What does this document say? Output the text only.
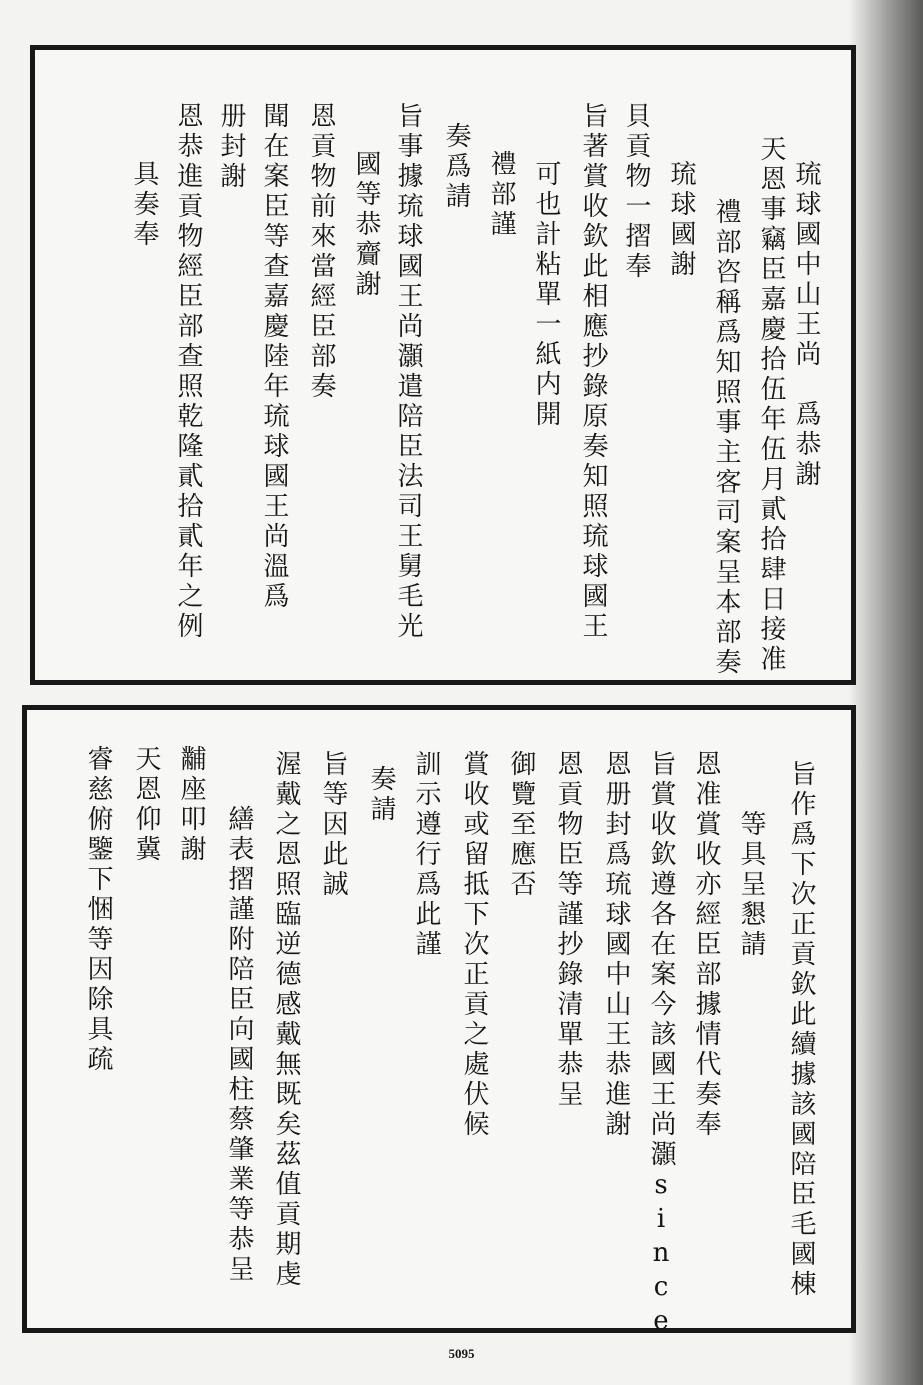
琉球國中山王尚　爲恭謝
天恩事竊臣嘉慶拾伍年伍月貳拾肆日接准
禮部咨稱爲知照事主客司案呈本部奏
琉球國謝
貝貢物一摺奉
旨著賞收欽此相應抄錄原奏知照琉球國王
可也計粘單一紙内開
禮部謹
奏爲請
旨事據琉球國王尚灝遣陪臣法司王舅毛光
國等恭齎謝
恩貢物前來當經臣部奏
聞在案臣等查嘉慶陸年琉球國王尚溫爲
册封謝
恩恭進貢物經臣部查照乾隆貳拾貳年之例
具奏奉
旨作爲下次正貢欽此續據該國陪臣毛國棟
等具呈懇請
恩准賞收亦經臣部據情代奏奉
旨賞收欽遵各在案今該國王尚灝since
恩册封爲琉球國中山王恭進謝
恩貢物臣等謹抄錄清單恭呈
御覽至應否
賞收或留抵下次正貢之處伏候
訓示遵行爲此謹
奏請
旨等因此誠
渥戴之恩照臨逆德感戴無既矣茲值貢期虔
繕表摺謹附陪臣向國柱蔡肇業等恭呈
黼座叩謝
天恩仰冀
睿慈俯鑒下悃等因除具疏
5095
